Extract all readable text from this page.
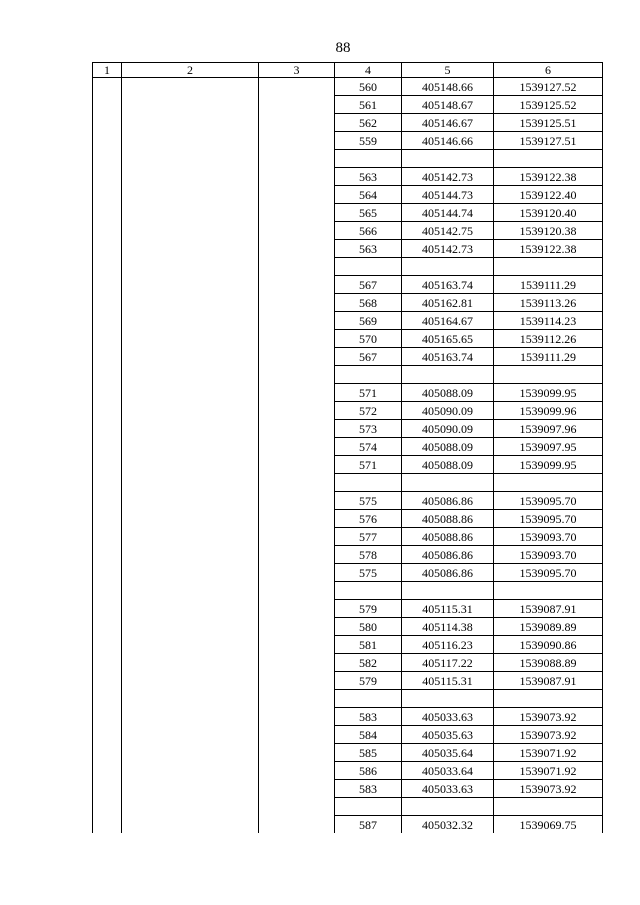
88
1	2	3	4	5	6
			560	405148.66	1539127.52
			561	405148.67	1539125.52
			562	405146.67	1539125.51
			559	405146.66	1539127.51

			563	405142.73	1539122.38
			564	405144.73	1539122.40
			565	405144.74	1539120.40
			566	405142.75	1539120.38
			563	405142.73	1539122.38

			567	405163.74	1539111.29
			568	405162.81	1539113.26
			569	405164.67	1539114.23
			570	405165.65	1539112.26
			567	405163.74	1539111.29

			571	405088.09	1539099.95
			572	405090.09	1539099.96
			573	405090.09	1539097.96
			574	405088.09	1539097.95
			571	405088.09	1539099.95

			575	405086.86	1539095.70
			576	405088.86	1539095.70
			577	405088.86	1539093.70
			578	405086.86	1539093.70
			575	405086.86	1539095.70

			579	405115.31	1539087.91
			580	405114.38	1539089.89
			581	405116.23	1539090.86
			582	405117.22	1539088.89
			579	405115.31	1539087.91

			583	405033.63	1539073.92
			584	405035.63	1539073.92
			585	405035.64	1539071.92
			586	405033.64	1539071.92
			583	405033.63	1539073.92

			587	405032.32	1539069.75
